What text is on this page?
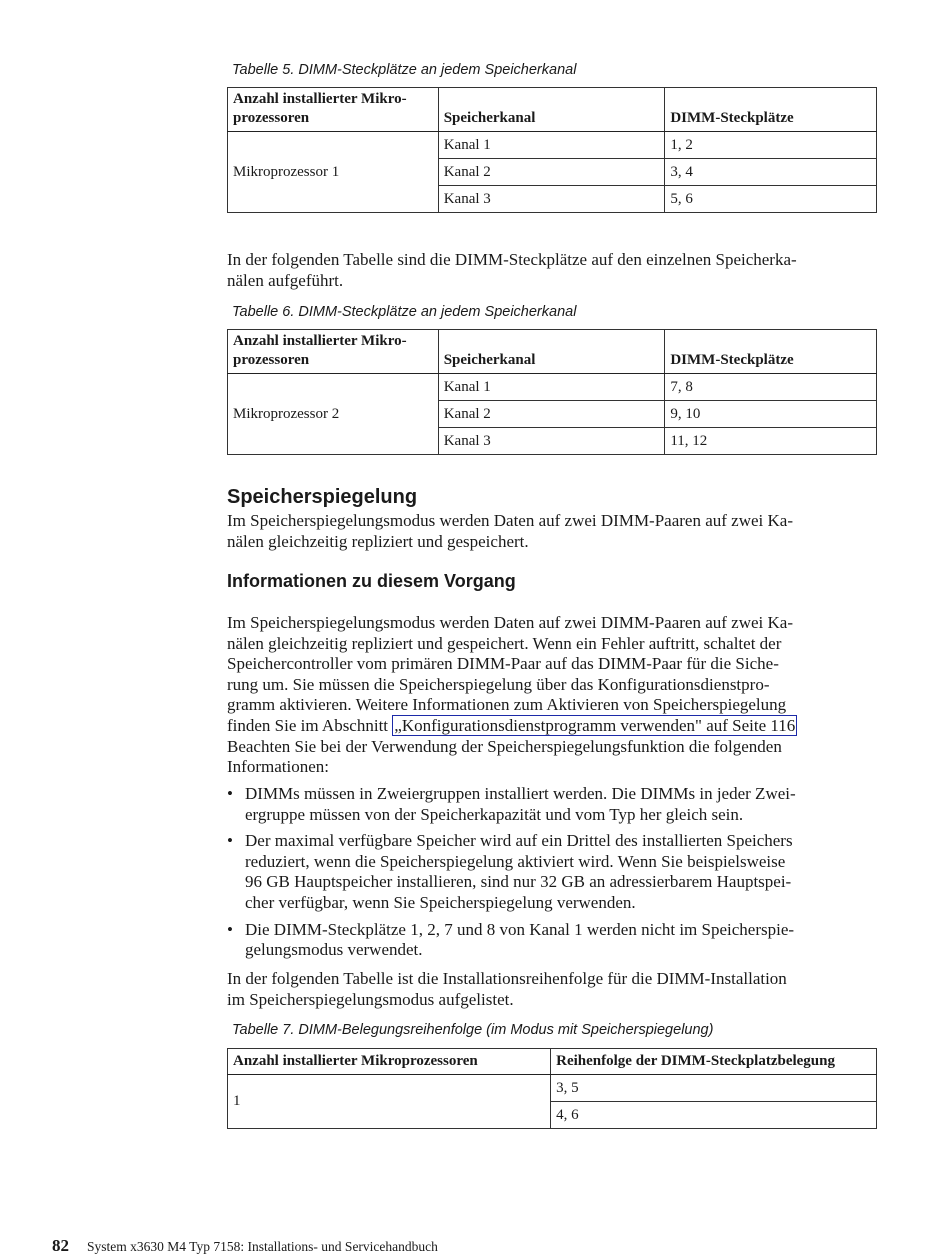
Tabelle 5. DIMM-Steckplätze an jedem Speicherkanal
Anzahl installierter Mikro-
prozessoren	Speicherkanal	DIMM-Steckplätze
Mikroprozessor 1	Kanal 1	1, 2
	Kanal 2	3, 4
	Kanal 3	5, 6
In der folgenden Tabelle sind die DIMM-Steckplätze auf den einzelnen Speicherka-
nälen aufgeführt.
Tabelle 6. DIMM-Steckplätze an jedem Speicherkanal
Anzahl installierter Mikro-
prozessoren	Speicherkanal	DIMM-Steckplätze
Mikroprozessor 2	Kanal 1	7, 8
	Kanal 2	9, 10
	Kanal 3	11, 12
Speicherspiegelung
Im Speicherspiegelungsmodus werden Daten auf zwei DIMM-Paaren auf zwei Ka-
nälen gleichzeitig repliziert und gespeichert.
Informationen zu diesem Vorgang
Im Speicherspiegelungsmodus werden Daten auf zwei DIMM-Paaren auf zwei Ka-
nälen gleichzeitig repliziert und gespeichert. Wenn ein Fehler auftritt, schaltet der
Speichercontroller vom primären DIMM-Paar auf das DIMM-Paar für die Siche-
rung um. Sie müssen die Speicherspiegelung über das Konfigurationsdienstpro-
gramm aktivieren. Weitere Informationen zum Aktivieren von Speicherspiegelung
finden Sie im Abschnitt „Konfigurationsdienstprogramm verwenden" auf Seite 116
Beachten Sie bei der Verwendung der Speicherspiegelungsfunktion die folgenden
Informationen:
• DIMMs müssen in Zweiergruppen installiert werden. Die DIMMs in jeder Zwei-
ergruppe müssen von der Speicherkapazität und vom Typ her gleich sein.
• Der maximal verfügbare Speicher wird auf ein Drittel des installierten Speichers
reduziert, wenn die Speicherspiegelung aktiviert wird. Wenn Sie beispielsweise
96 GB Hauptspeicher installieren, sind nur 32 GB an adressierbarem Hauptspei-
cher verfügbar, wenn Sie Speicherspiegelung verwenden.
• Die DIMM-Steckplätze 1, 2, 7 und 8 von Kanal 1 werden nicht im Speicherspie-
gelungsmodus verwendet.
In der folgenden Tabelle ist die Installationsreihenfolge für die DIMM-Installation
im Speicherspiegelungsmodus aufgelistet.
Tabelle 7. DIMM-Belegungsreihenfolge (im Modus mit Speicherspiegelung)
Anzahl installierter Mikroprozessoren	Reihenfolge der DIMM-Steckplatzbelegung
1	3, 5
	4, 6
82 System x3630 M4 Typ 7158: Installations- und Servicehandbuch
